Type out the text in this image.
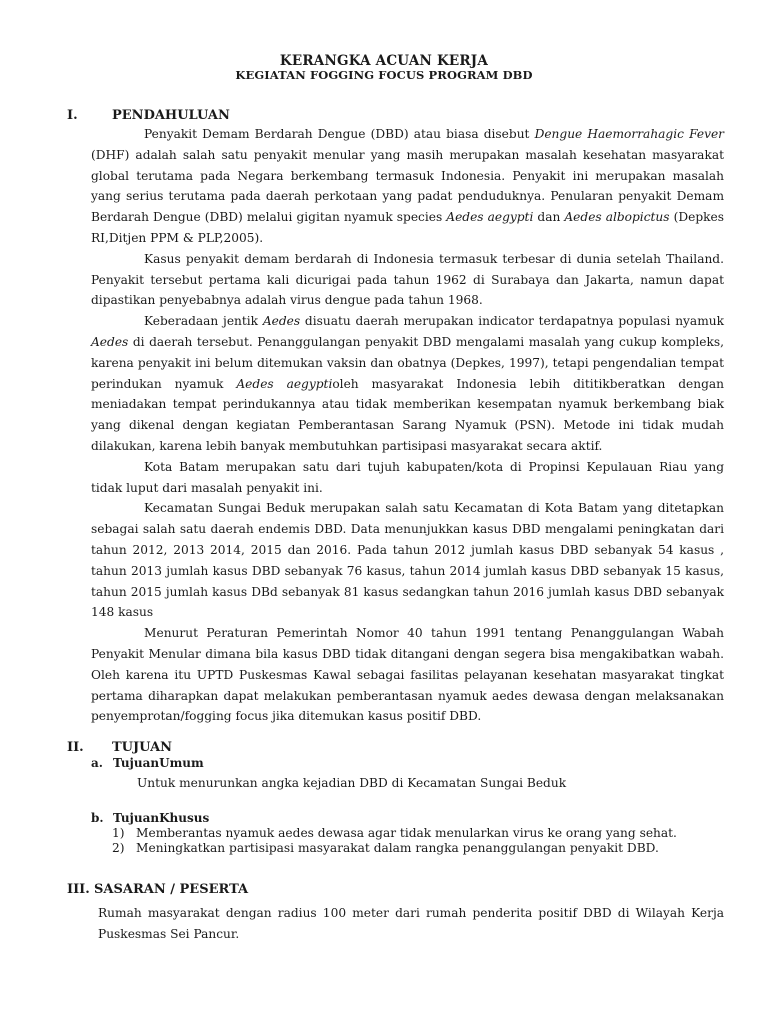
KERANGKA ACUAN KERJA
KEGIATAN FOGGING FOCUS PROGRAM DBD
I.	PENDAHULUAN

Penyakit Demam Berdarah Dengue (DBD) atau biasa disebut Dengue Haemorrahagic Fever (DHF) adalah salah satu penyakit menular yang masih merupakan masalah kesehatan masyarakat global terutama pada Negara berkembang termasuk Indonesia. Penyakit ini merupakan masalah yang serius terutama pada daerah perkotaan yang padat penduduknya. Penularan penyakit Demam Berdarah Dengue (DBD) melalui gigitan nyamuk species Aedes aegypti dan Aedes albopictus (Depkes RI,Ditjen PPM & PLP,2005).

Kasus penyakit demam berdarah di Indonesia termasuk terbesar di dunia setelah Thailand. Penyakit tersebut pertama kali dicurigai pada tahun 1962 di Surabaya dan Jakarta, namun dapat dipastikan penyebabnya adalah virus dengue pada tahun 1968.

Keberadaan jentik Aedes disuatu daerah merupakan indicator terdapatnya populasi nyamuk Aedes di daerah tersebut. Penanggulangan penyakit DBD mengalami masalah yang cukup kompleks, karena penyakit ini belum ditemukan vaksin dan obatnya (Depkes, 1997), tetapi pengendalian tempat perindukan nyamuk Aedes aegyptioleh masyarakat Indonesia lebih dititikberatkan dengan meniadakan tempat perindukannya atau tidak memberikan kesempatan nyamuk berkembang biak yang dikenal dengan kegiatan Pemberantasan Sarang Nyamuk (PSN). Metode ini tidak mudah dilakukan, karena lebih banyak membutuhkan partisipasi masyarakat secara aktif.

Kota Batam merupakan satu dari tujuh kabupaten/kota di Propinsi Kepulauan Riau yang tidak luput dari masalah penyakit ini.

Kecamatan Sungai Beduk merupakan salah satu Kecamatan di Kota Batam yang ditetapkan sebagai salah satu daerah endemis DBD. Data menunjukkan kasus DBD mengalami peningkatan dari tahun 2012, 2013 2014, 2015 dan 2016. Pada tahun 2012 jumlah kasus DBD sebanyak 54 kasus , tahun 2013 jumlah kasus DBD sebanyak 76 kasus, tahun 2014 jumlah kasus DBD sebanyak 15 kasus, tahun 2015 jumlah kasus DBd sebanyak 81 kasus sedangkan tahun 2016 jumlah kasus DBD sebanyak 148 kasus

Menurut Peraturan Pemerintah Nomor 40 tahun 1991 tentang Penanggulangan Wabah Penyakit Menular dimana bila kasus DBD tidak ditangani dengan segera bisa mengakibatkan wabah. Oleh karena itu UPTD Puskesmas Kawal sebagai fasilitas pelayanan kesehatan masyarakat tingkat pertama diharapkan dapat melakukan pemberantasan nyamuk aedes dewasa dengan melaksanakan penyemprotan/fogging focus jika ditemukan kasus positif DBD.

II. TUJUAN
a. TujuanUmum
Untuk menurunkan angka kejadian DBD di Kecamatan Sungai Beduk
b. TujuanKhusus
1) Memberantas nyamuk aedes dewasa agar tidak menularkan virus ke orang yang sehat.
2) Meningkatkan partisipasi masyarakat dalam rangka penanggulangan penyakit DBD.
III. SASARAN / PESERTA

Rumah masyarakat dengan radius 100 meter dari rumah penderita positif DBD di Wilayah Kerja Puskesmas Sei Pancur.
